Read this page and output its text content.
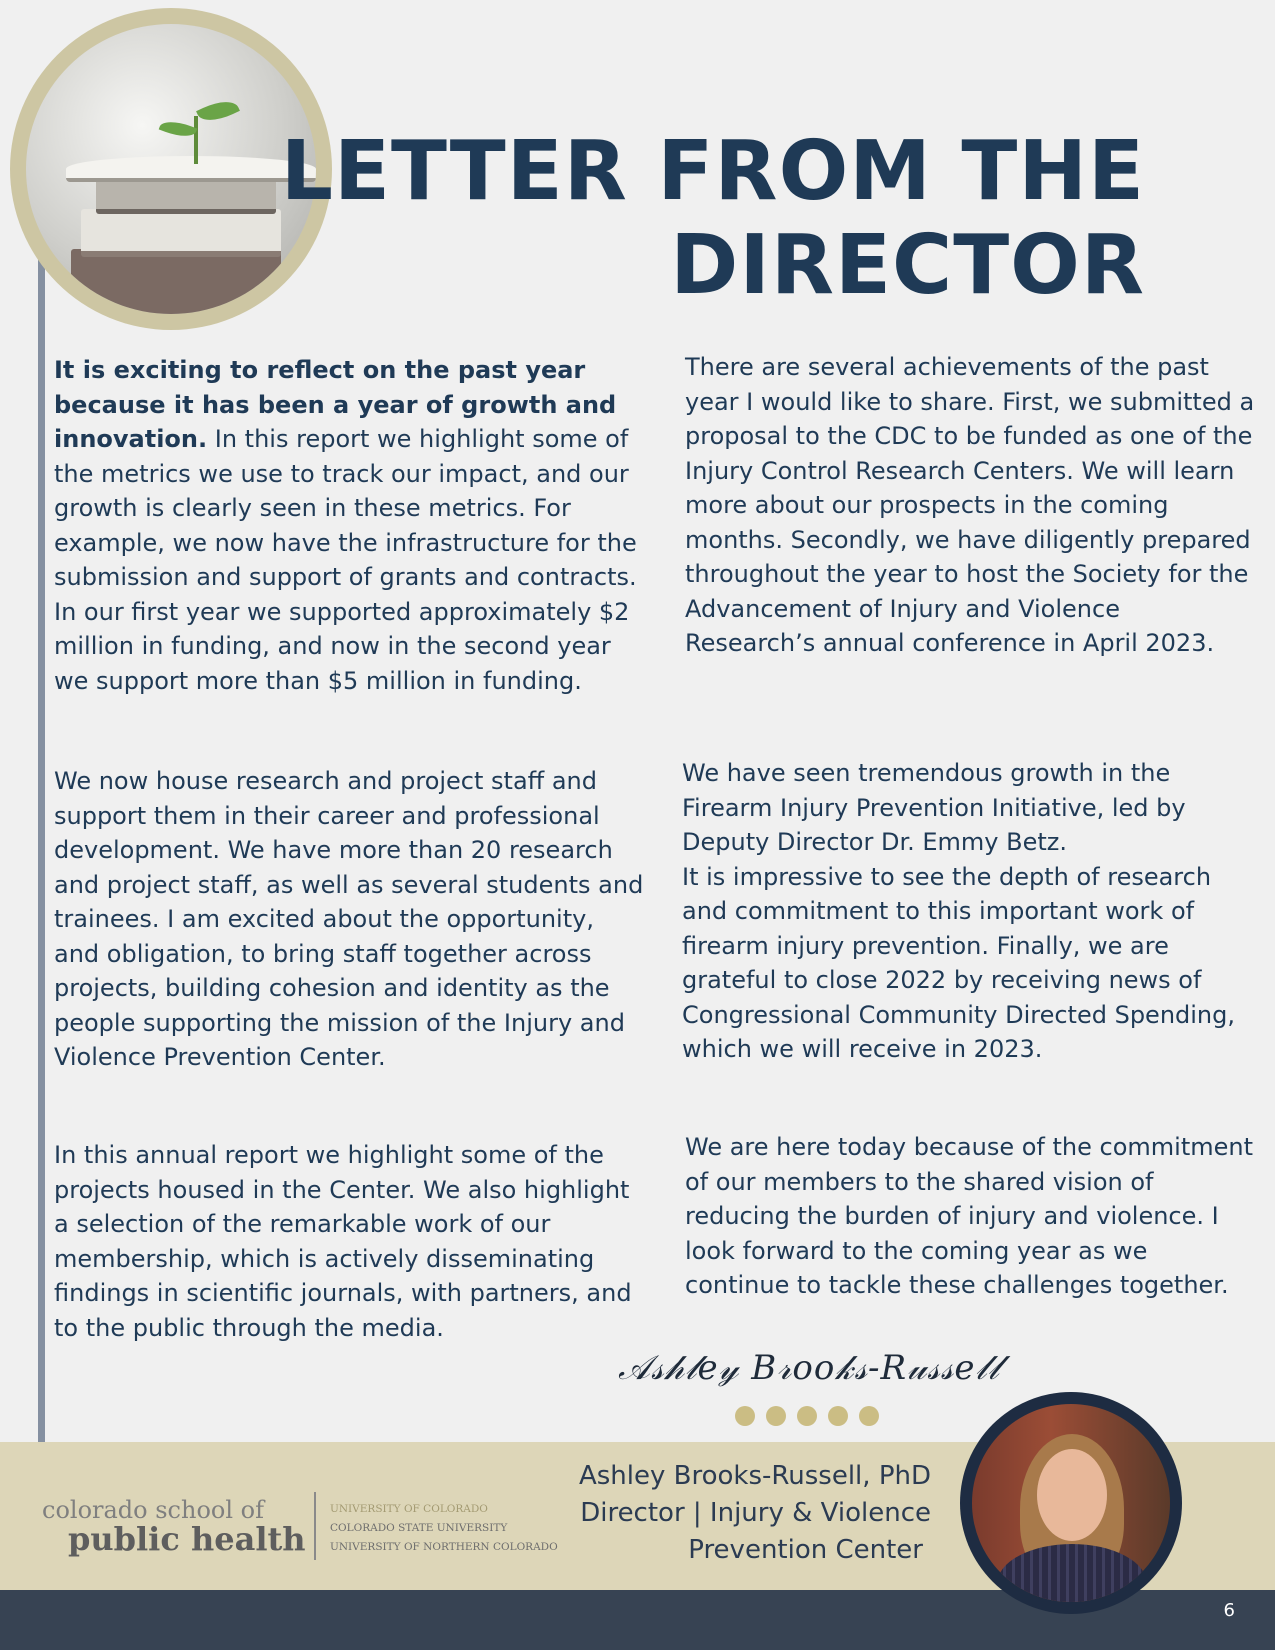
LETTER FROM THE
DIRECTOR

It is exciting to reflect on the past year because it has been a year of growth and innovation. In this report we highlight some of the metrics we use to track our impact, and our growth is clearly seen in these metrics. For example, we now have the infrastructure for the submission and support of grants and contracts. In our first year we supported approximately $2 million in funding, and now in the second year we support more than $5 million in funding.

We now house research and project staff and support them in their career and professional development. We have more than 20 research and project staff, as well as several students and trainees. I am excited about the opportunity, and obligation, to bring staff together across projects, building cohesion and identity as the people supporting the mission of the Injury and Violence Prevention Center.

In this annual report we highlight some of the projects housed in the Center. We also highlight a selection of the remarkable work of our membership, which is actively disseminating findings in scientific journals, with partners, and to the public through the media.

There are several achievements of the past year I would like to share. First, we submitted a proposal to the CDC to be funded as one of the Injury Control Research Centers. We will learn more about our prospects in the coming months. Secondly, we have diligently prepared throughout the year to host the Society for the Advancement of Injury and Violence Research’s annual conference in April 2023.

We have seen tremendous growth in the Firearm Injury Prevention Initiative, led by Deputy Director Dr. Emmy Betz.
It is impressive to see the depth of research and commitment to this important work of firearm injury prevention. Finally, we are grateful to close 2022 by receiving news of Congressional Community Directed Spending, which we will receive in 2023.

We are here today because of the commitment of our members to the shared vision of reducing the burden of injury and violence. I look forward to the coming year as we continue to tackle these challenges together.

𝒜𝓈𝒽𝓁𝑒𝓎 𝐵𝓇𝑜𝑜𝓀𝓈-𝑅𝓊𝓈𝓈𝑒𝓁𝓁
6
colorado school of
public health
UNIVERSITY OF COLORADO
COLORADO STATE UNIVERSITY
UNIVERSITY OF NORTHERN COLORADO
Ashley Brooks-Russell, PhD
Director | Injury & Violence
Prevention Center
